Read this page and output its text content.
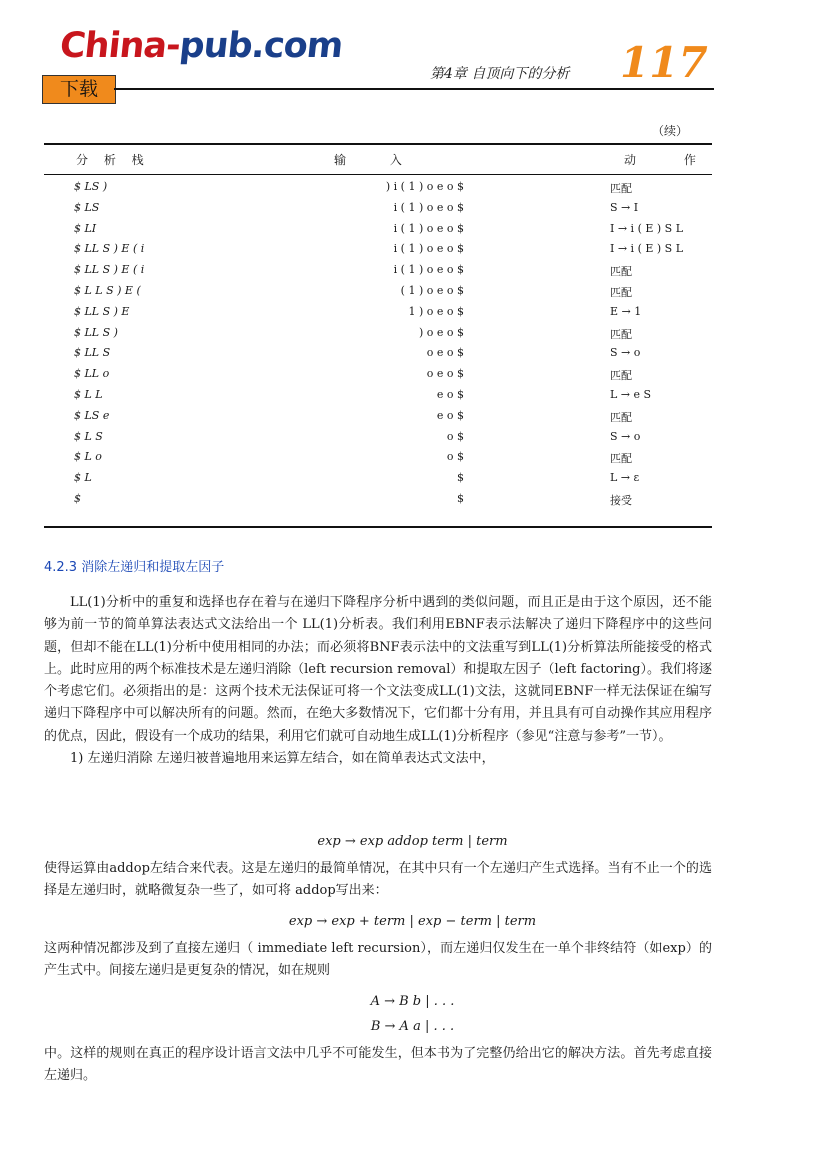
China-pub.com
下载
第4章 自顶向下的分析 117
（续）
分 析 栈	输 入	动 作
$ LS )	) i ( 1 ) o e o $	匹配
$ LS	i ( 1 ) o e o $	S → I
$ LI	i ( 1 ) o e o $	I → i ( E ) S L
$ LL S ) E ( i	i ( 1 ) o e o $	I → i ( E ) S L
$ LL S ) E ( i	i ( 1 ) o e o $	匹配
$ L L S ) E (	( 1 ) o e o $	匹配
$ LL S ) E	1 ) o e o $	E → 1
$ LL S )	) o e o $	匹配
$ LL S	o e o $	S → o
$ LL o	o e o $	匹配
$ L L	e o $	L → e S
$ LS e	e o $	匹配
$ L S	o $	S → o
$ L o	o $	匹配
$ L	$	L → ε
$	$	接受
4.2.3 消除左递归和提取左因子

LL(1)分析中的重复和选择也存在着与在递归下降程序分析中遇到的类似问题，而且正是由于这个原因，还不能够为前一节的简单算法表达式文法给出一个 LL(1)分析表。我们利用EBNF表示法解决了递归下降程序中的这些问题，但却不能在LL(1)分析中使用相同的办法；而必须将BNF表示法中的文法重写到LL(1)分析算法所能接受的格式上。此时应用的两个标准技术是左递归消除（left recursion removal）和提取左因子（left factoring）。我们将逐个考虑它们。必须指出的是：这两个技术无法保证可将一个文法变成LL(1)文法，这就同EBNF一样无法保证在编写递归下降程序中可以解决所有的问题。然而，在绝大多数情况下，它们都十分有用，并且具有可自动操作其应用程序的优点，因此，假设有一个成功的结果，利用它们就可自动地生成LL(1)分析程序（参见“注意与参考”一节）。

1) 左递归消除 左递归被普遍地用来运算左结合，如在简单表达式文法中，

exp → exp addop term | term
使得运算由addop左结合来代表。这是左递归的最简单情况，在其中只有一个左递归产生式选择。当有不止一个的选择是左递归时，就略微复杂一些了，如可将 addop写出来：
exp → exp + term | exp − term | term
这两种情况都涉及到了直接左递归（ immediate left recursion），而左递归仅发生在一单个非终结符（如exp）的产生式中。间接左递归是更复杂的情况，如在规则
A → B b | . . .
B → A a | . . .
中。这样的规则在真正的程序设计语言文法中几乎不可能发生，但本书为了完整仍给出它的解决方法。首先考虑直接左递归。
